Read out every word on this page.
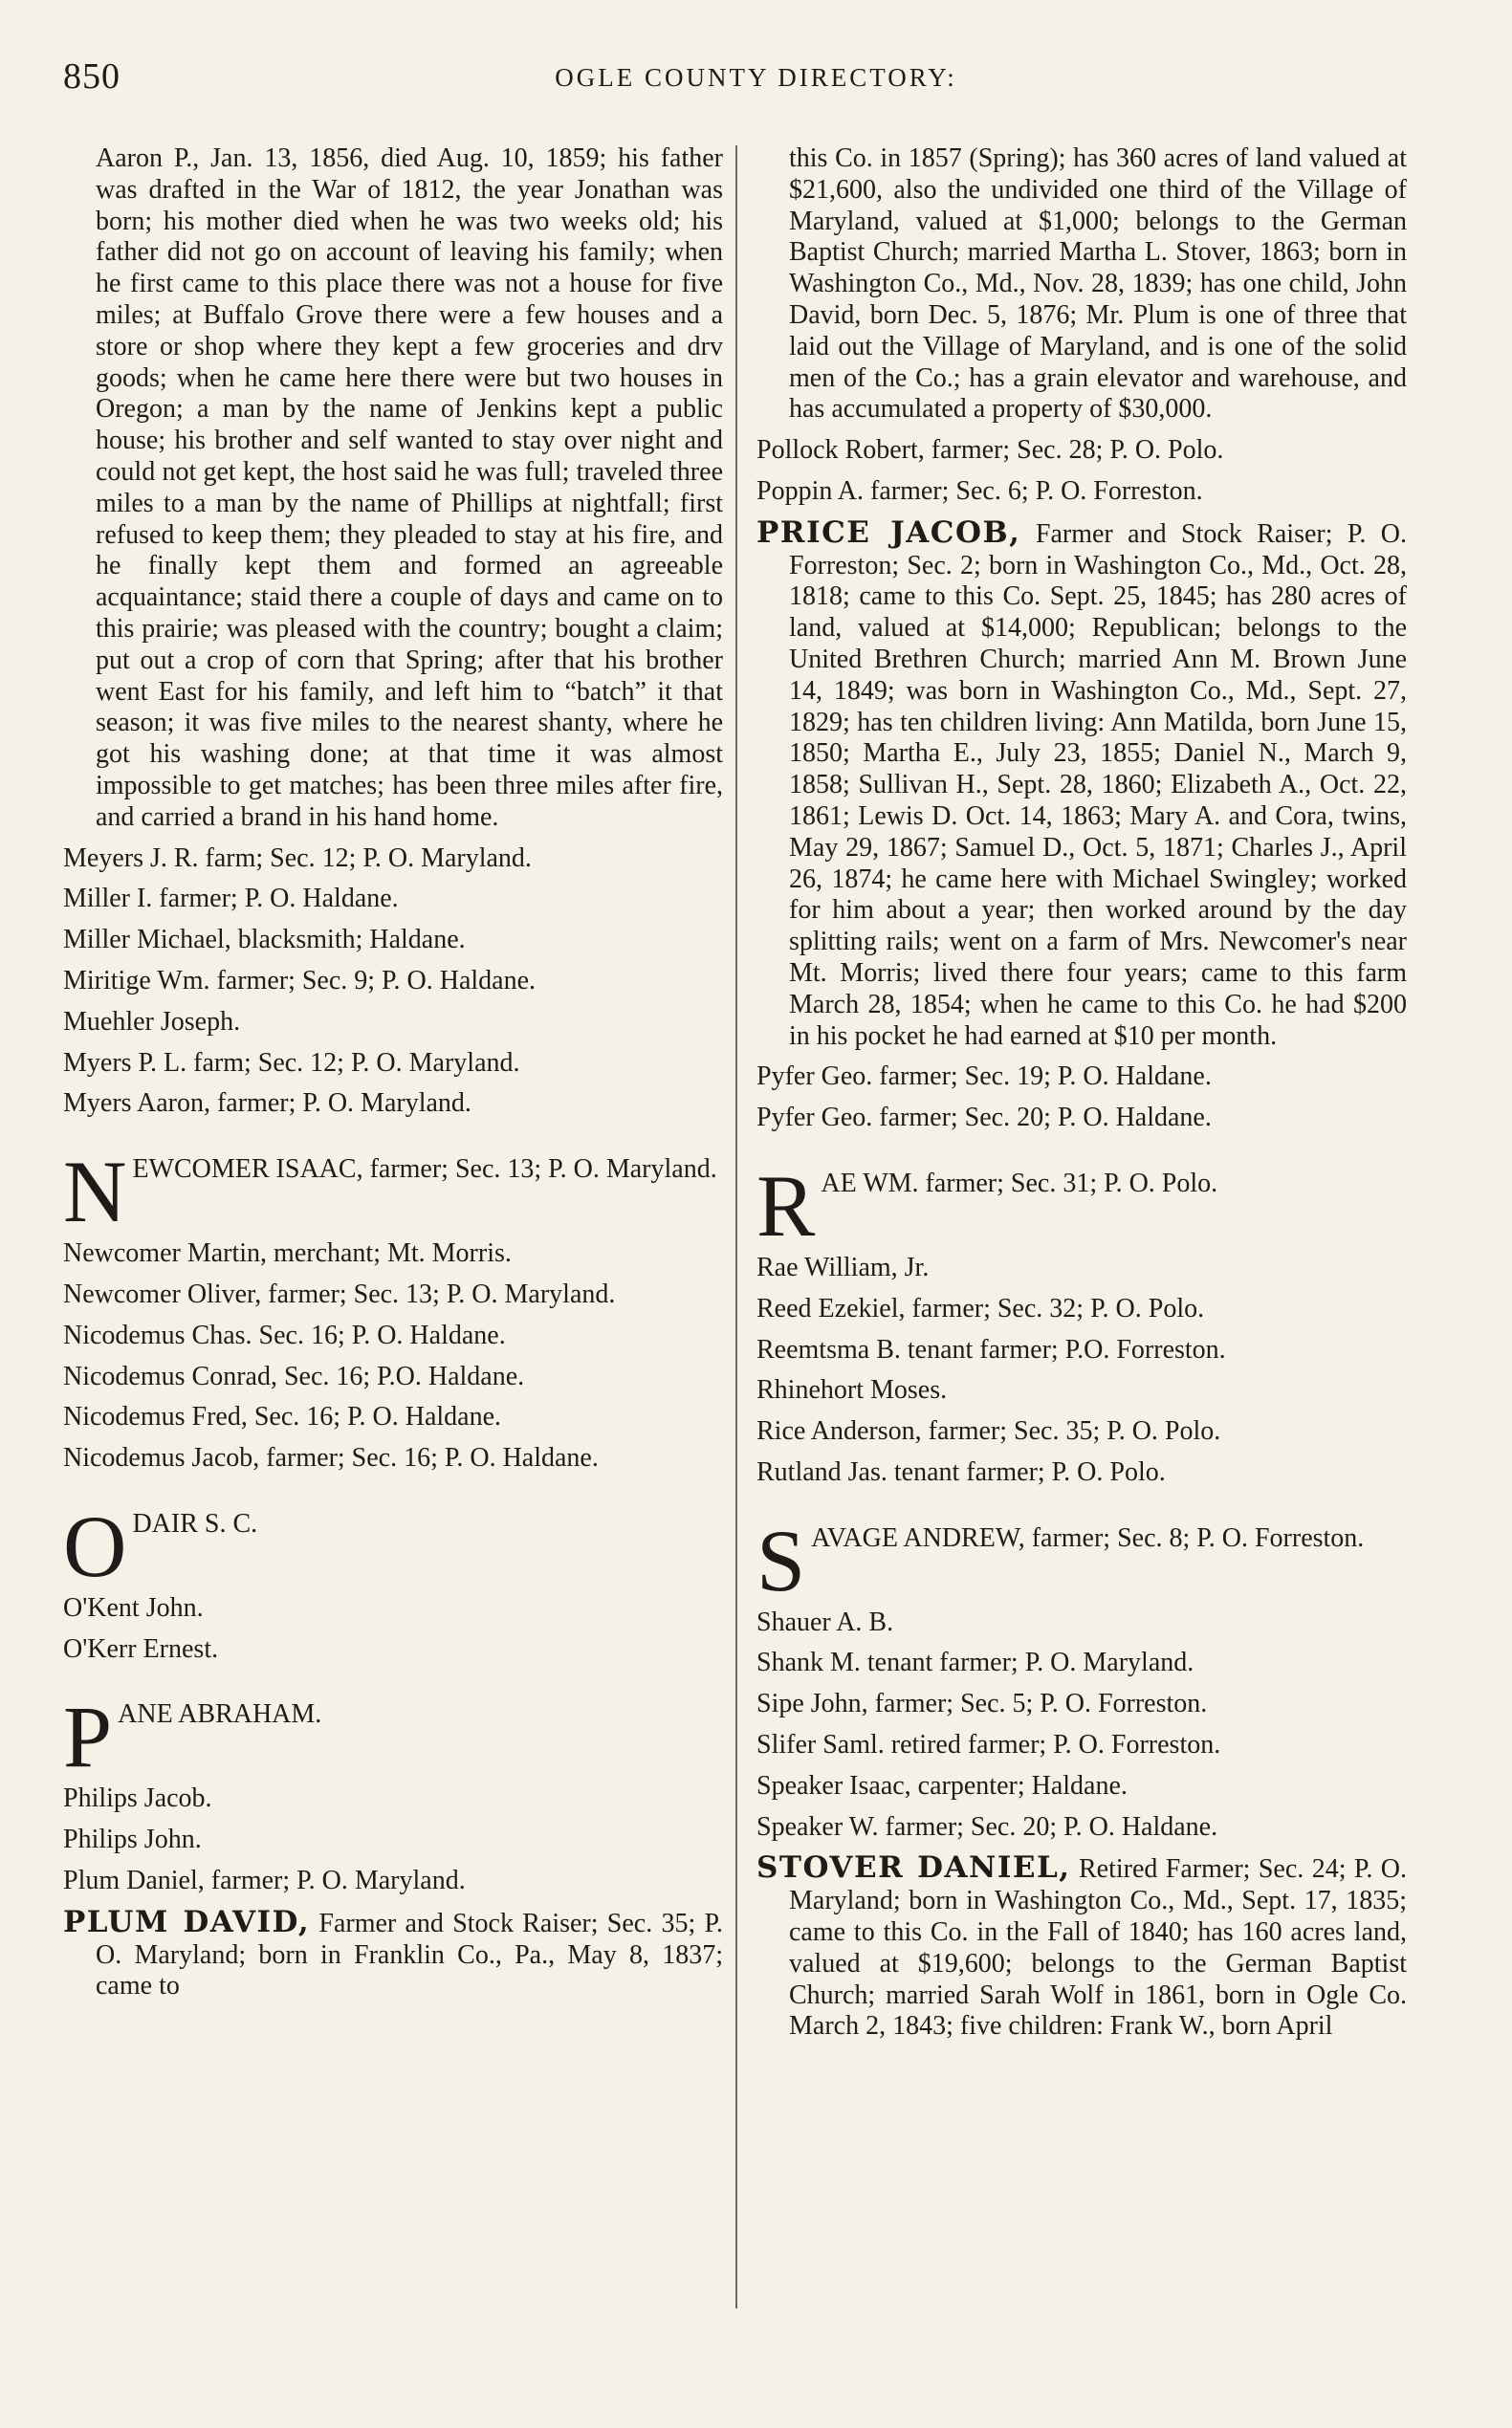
850	OGLE COUNTY DIRECTORY:

Aaron P., Jan. 13, 1856, died Aug. 10, 1859; his father was drafted in the War of 1812, the year Jonathan was born; his mother died when he was two weeks old; his father did not go on account of leaving his family; when he first came to this place there was not a house for five miles; at Buffalo Grove there were a few houses and a store or shop where they kept a few groceries and drv goods; when he came here there were but two houses in Oregon; a man by the name of Jenkins kept a public house; his brother and self wanted to stay over night and could not get kept, the host said he was full; traveled three miles to a man by the name of Phillips at nightfall; first refused to keep them; they pleaded to stay at his fire, and he finally kept them and formed an agreeable acquaintance; staid there a couple of days and came on to this prairie; was pleased with the country; bought a claim; put out a crop of corn that Spring; after that his brother went East for his family, and left him to “batch” it that season; it was five miles to the nearest shanty, where he got his washing done; at that time it was almost impossible to get matches; has been three miles after fire, and carried a brand in his hand home.

Meyers J. R. farm; Sec. 12; P. O. Maryland.

Miller I. farmer; P. O. Haldane.

Miller Michael, blacksmith; Haldane.

Miritige Wm. farmer; Sec. 9; P. O. Haldane.

Muehler Joseph.

Myers P. L. farm; Sec. 12; P. O. Maryland.

Myers Aaron, farmer; P. O. Maryland.

N EWCOMER ISAAC, farmer; Sec. 13; P. O. Maryland.

Newcomer Martin, merchant; Mt. Morris.

Newcomer Oliver, farmer; Sec. 13; P. O. Maryland.

Nicodemus Chas. Sec. 16; P. O. Haldane.

Nicodemus Conrad, Sec. 16; P.O. Haldane.

Nicodemus Fred, Sec. 16; P. O. Haldane.

Nicodemus Jacob, farmer; Sec. 16; P. O. Haldane.

O DAIR S. C.

O'Kent John.

O'Kerr Ernest.

P ANE ABRAHAM.

Philips Jacob.

Philips John.

Plum Daniel, farmer; P. O. Maryland.

PLUM DAVID, Farmer and Stock Raiser; Sec. 35; P. O. Maryland; born in Franklin Co., Pa., May 8, 1837; came to

this Co. in 1857 (Spring); has 360 acres of land valued at $21,600, also the undivided one third of the Village of Maryland, valued at $1,000; belongs to the German Baptist Church; married Martha L. Stover, 1863; born in Washington Co., Md., Nov. 28, 1839; has one child, John David, born Dec. 5, 1876; Mr. Plum is one of three that laid out the Village of Maryland, and is one of the solid men of the Co.; has a grain elevator and warehouse, and has accumulated a property of $30,000.

Pollock Robert, farmer; Sec. 28; P. O. Polo.

Poppin A. farmer; Sec. 6; P. O. Forreston.

PRICE JACOB, Farmer and Stock Raiser; P. O. Forreston; Sec. 2; born in Washington Co., Md., Oct. 28, 1818; came to this Co. Sept. 25, 1845; has 280 acres of land, valued at $14,000; Republican; belongs to the United Brethren Church; married Ann M. Brown June 14, 1849; was born in Washington Co., Md., Sept. 27, 1829; has ten children living: Ann Matilda, born June 15, 1850; Martha E., July 23, 1855; Daniel N., March 9, 1858; Sullivan H., Sept. 28, 1860; Elizabeth A., Oct. 22, 1861; Lewis D. Oct. 14, 1863; Mary A. and Cora, twins, May 29, 1867; Samuel D., Oct. 5, 1871; Charles J., April 26, 1874; he came here with Michael Swingley; worked for him about a year; then worked around by the day splitting rails; went on a farm of Mrs. Newcomer's near Mt. Morris; lived there four years; came to this farm March 28, 1854; when he came to this Co. he had $200 in his pocket he had earned at $10 per month.

Pyfer Geo. farmer; Sec. 19; P. O. Haldane.

Pyfer Geo. farmer; Sec. 20; P. O. Haldane.

R AE WM. farmer; Sec. 31; P. O. Polo.

Rae William, Jr.

Reed Ezekiel, farmer; Sec. 32; P. O. Polo.

Reemtsma B. tenant farmer; P.O. Forreston.

Rhinehort Moses.

Rice Anderson, farmer; Sec. 35; P. O. Polo.

Rutland Jas. tenant farmer; P. O. Polo.

S AVAGE ANDREW, farmer; Sec. 8; P. O. Forreston.

Shauer A. B.

Shank M. tenant farmer; P. O. Maryland.

Sipe John, farmer; Sec. 5; P. O. Forreston.

Slifer Saml. retired farmer; P. O. Forreston.

Speaker Isaac, carpenter; Haldane.

Speaker W. farmer; Sec. 20; P. O. Haldane.

STOVER DANIEL, Retired Farmer; Sec. 24; P. O. Maryland; born in Washington Co., Md., Sept. 17, 1835; came to this Co. in the Fall of 1840; has 160 acres land, valued at $19,600; belongs to the German Baptist Church; married Sarah Wolf in 1861, born in Ogle Co. March 2, 1843; five children: Frank W., born April
